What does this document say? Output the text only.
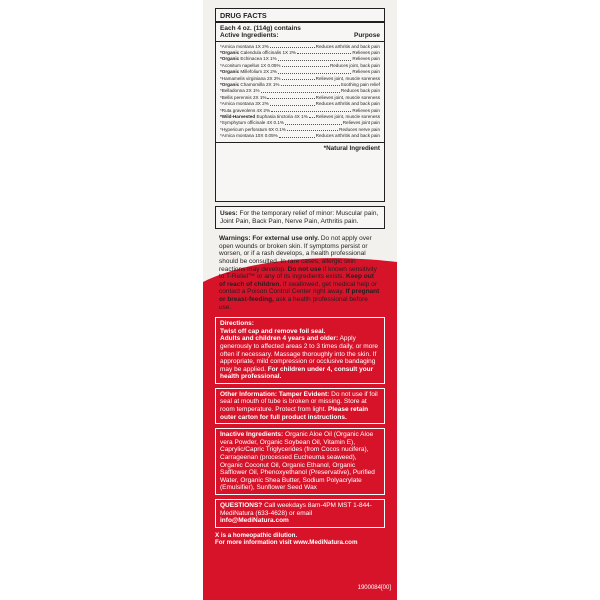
DRUG FACTS
Each 4 oz. (114g) contains
Active Ingredients:	Purpose
*Arnica montana 1X 2%	Reduces arthritis and back pain
*Organic Calendula officinalis 1X 2%	Relieves pain
*Organic Echinacea 1X 1%	Relieves pain
*Aconitum napellus 1X 0.05%	Reduces joint, back pain
*Organic Millefolium 2X 2%	Relieves pain
*Hamamelis virginiana 2X 2%	Relieves joint, muscle soreness
*Organic Chamomilla 2X 1%	Soothing pain relief
*Belladonna 2X 1%	Reduces back pain
*Bellis perennis 2X 1%	Relieves joint, muscle soreness
*Arnica montana 3X 2%	Reduces arthritis and back pain
*Ruta graveolens 4X 2%	Relieves pain
*Wild-Harvested Euphasia tinctoria 4X 1% Relieves joint, muscle soreness
*Symphytum officinale 4X 0.1%	Relieves joint pain
*Hypericum perforatum 6X 0.1%	Reduces nerve pain
*Arnica montana 10X 0.05%	Reduces arthritis and back pain
*Natural Ingredient

Uses: For the temporary relief of minor: Muscular pain, Joint Pain, Back Pain, Nerve Pain, Arthritis pain.

Warnings: For external use only. Do not apply over open wounds or broken skin. If symptoms persist or worsen, or if a rash develops, a health professional should be consulted. In rare cases, allergic skin reactions may develop. Do not use if known sensitivity to T-Relief™ or any of its ingredients exists. Keep out of reach of children. If swallowed, get medical help or contact a Poison Control Center right away. If pregnant or breast-feeding, ask a health professional before use.

Directions:
Twist off cap and remove foil seal.
Adults and children 4 years and older: Apply generously to affected areas 2 to 3 times daily, or more often if necessary. Massage thoroughly into the skin. If appropriate, mild compression or occlusive bandaging may be applied. For children under 4, consult your health professional.

Other Information: Tamper Evident: Do not use if foil seal at mouth of tube is broken or missing. Store at room temperature. Protect from light. Please retain outer carton for full product instructions.

Inactive Ingredients: Organic Aloe Oil (Organic Aloe vera Powder, Organic Soybean Oil, Vitamin E), Caprylic/Capric Triglycerides (from Cocos nucifera), Carrageenan (processed Eucheuma seaweed), Organic Coconut Oil, Organic Ethanol, Organic Safflower Oil, Phenoxyethanol (Preservative), Purified Water, Organic Shea Butter, Sodium Polyacrylate (Emulsifier), Sunflower Seed Wax

QUESTIONS? Call weekdays 8am-4PM MST 1-844-MediNatura (633-4628) or email info@MediNatura.com

X is a homeopathic dilution.
For more information visit www.MediNatura.com
1900084[00]
